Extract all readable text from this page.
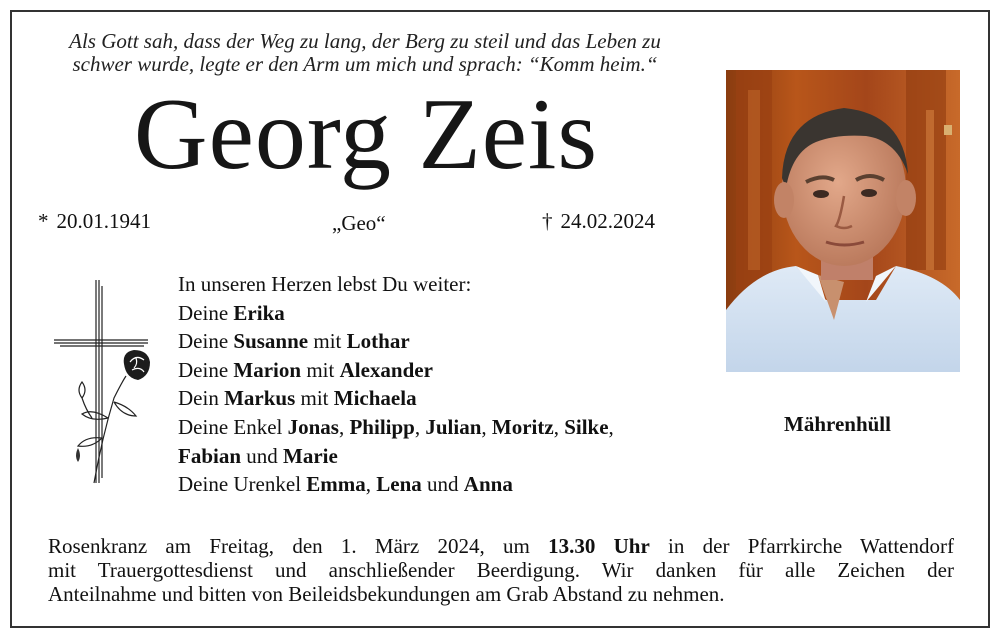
Als Gott sah, dass der Weg zu lang, der Berg zu steil und das Leben zu
schwer wurde, legte er den Arm um mich und sprach: “Komm heim.“
Georg Zeis
* 20.01.1941	„Geo“	† 24.02.2024
In unseren Herzen lebst Du weiter:
Deine Erika
Deine Susanne mit Lothar
Deine Marion mit Alexander
Dein Markus mit Michaela
Deine Enkel Jonas, Philipp, Julian, Moritz, Silke,
Fabian und Marie
Deine Urenkel Emma, Lena und Anna
Mährenhüll
Rosenkranz am Freitag, den 1. März 2024, um 13.30 Uhr in der Pfarrkirche Wattendorf
mit Trauergottesdienst und anschließender Beerdigung. Wir danken für alle Zeichen der
Anteilnahme und bitten von Beileidsbekundungen am Grab Abstand zu nehmen.
